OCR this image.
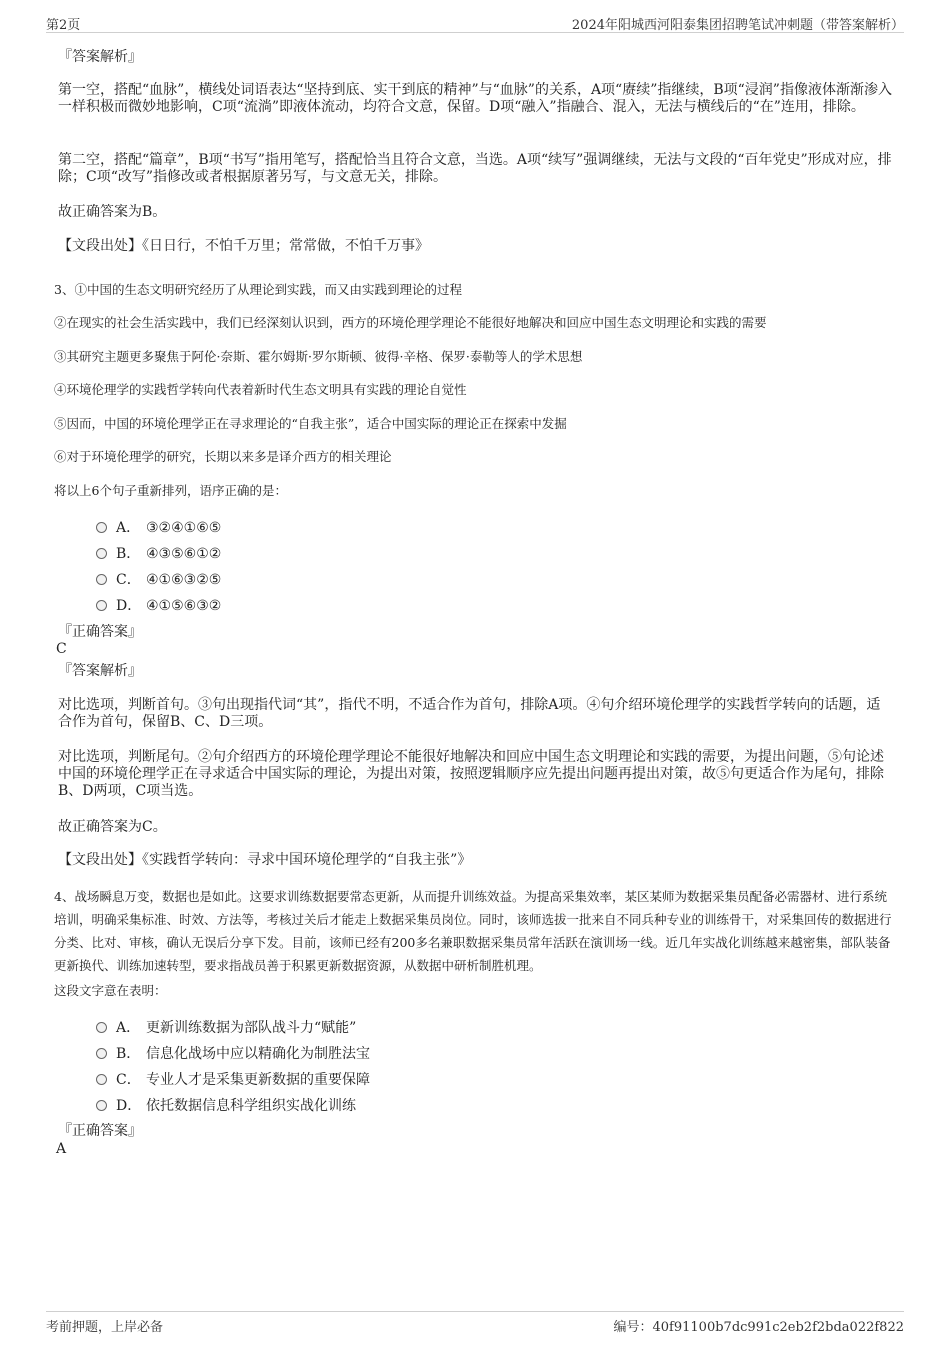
第2页	2024年阳城西河阳泰集团招聘笔试冲刺题（带答案解析）
『答案解析』
第一空，搭配“血脉”，横线处词语表达“坚持到底、实干到底的精神”与“血脉”的关系，A项“赓续”指继续，B项“浸润”指像液体渐渐渗入一样积极而微妙地影响，C项“流淌”即液体流动，均符合文意，保留。D项“融入”指融合、混入，无法与横线后的“在”连用，排除。
第二空，搭配“篇章”，B项“书写”指用笔写，搭配恰当且符合文意，当选。A项“续写”强调继续，无法与文段的“百年党史”形成对应，排除；C项“改写”指修改或者根据原著另写，与文意无关，排除。
故正确答案为B。
【文段出处】《日日行，不怕千万里；常常做，不怕千万事》
3、①中国的生态文明研究经历了从理论到实践，而又由实践到理论的过程
②在现实的社会生活实践中，我们已经深刻认识到，西方的环境伦理学理论不能很好地解决和回应中国生态文明理论和实践的需要
③其研究主题更多聚焦于阿伦·奈斯、霍尔姆斯·罗尔斯顿、彼得·辛格、保罗·泰勒等人的学术思想
④环境伦理学的实践哲学转向代表着新时代生态文明具有实践的理论自觉性
⑤因而，中国的环境伦理学正在寻求理论的“自我主张”，适合中国实际的理论正在探索中发掘
⑥对于环境伦理学的研究，长期以来多是译介西方的相关理论
将以上6个句子重新排列，语序正确的是：
A． ③②④①⑥⑤
B． ④③⑤⑥①②
C． ④①⑥③②⑤
D． ④①⑤⑥③②
『正确答案』
C
『答案解析』
对比选项，判断首句。③句出现指代词“其”，指代不明，不适合作为首句，排除A项。④句介绍环境伦理学的实践哲学转向的话题，适合作为首句，保留B、C、D三项。
对比选项，判断尾句。②句介绍西方的环境伦理学理论不能很好地解决和回应中国生态文明理论和实践的需要，为提出问题，⑤句论述中国的环境伦理学正在寻求适合中国实际的理论，为提出对策，按照逻辑顺序应先提出问题再提出对策，故⑤句更适合作为尾句，排除B、D两项，C项当选。
故正确答案为C。
【文段出处】《实践哲学转向：寻求中国环境伦理学的“自我主张”》
4、战场瞬息万变，数据也是如此。这要求训练数据要常态更新，从而提升训练效益。为提高采集效率，某区某师为数据采集员配备必需器材、进行系统培训，明确采集标准、时效、方法等，考核过关后才能走上数据采集员岗位。同时，该师选拔一批来自不同兵种专业的训练骨干，对采集回传的数据进行分类、比对、审核，确认无误后分享下发。目前，该师已经有200多名兼职数据采集员常年活跃在演训场一线。近几年实战化训练越来越密集，部队装备更新换代、训练加速转型，要求指战员善于积累更新数据资源，从数据中研析制胜机理。
这段文字意在表明：
A． 更新训练数据为部队战斗力“赋能”
B． 信息化战场中应以精确化为制胜法宝
C． 专业人才是采集更新数据的重要保障
D． 依托数据信息科学组织实战化训练
『正确答案』
A
考前押题，上岸必备	编号：40f91100b7dc991c2eb2f2bda022f822
